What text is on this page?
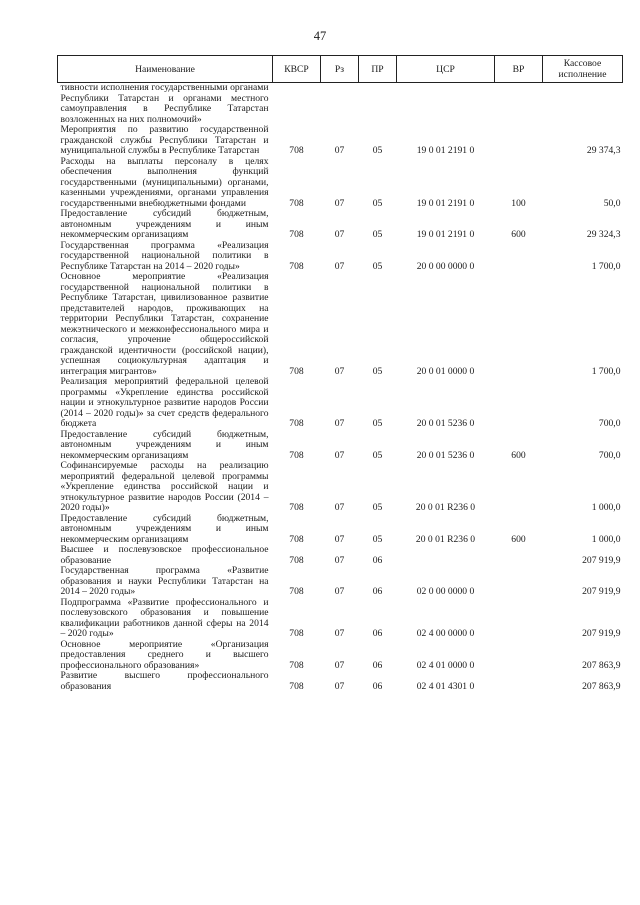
47
Наименование	КВСР	Рз	ПР	ЦСР	ВР	Кассовое исполнение
тивности исполнения государственными органами Республики Татарстан и органами местного самоуправления в Республике Татарстан возложенных на них полномочий»						
Мероприятия по развитию государственной гражданской службы Республики Татарстан и муниципальной службы в Республике Татарстан	708	07	05	19 0 01 2191 0		29 374,3
Расходы на выплаты персоналу в целях обеспечения выполнения функций государственными (муниципальными) органами, казенными учреждениями, органами управления государственными внебюджетными фондами	708	07	05	19 0 01 2191 0	100	50,0
Предоставление субсидий бюджетным, автономным учреждениям и иным некоммерческим организациям	708	07	05	19 0 01 2191 0	600	29 324,3
Государственная программа «Реализация государственной национальной политики в Республике Татарстан на 2014 – 2020 годы»	708	07	05	20 0 00 0000 0		1 700,0
Основное мероприятие «Реализация государственной национальной политики в Республике Татарстан, цивилизованное развитие представителей народов, проживающих на территории Республики Татарстан, сохранение межэтнического и межконфессионального мира и согласия, упрочение общероссийской гражданской идентичности (российской нации), успешная социокультурная адаптация и интеграция мигрантов»	708	07	05	20 0 01 0000 0		1 700,0
Реализация мероприятий федеральной целевой программы «Укрепление единства российской нации и этнокультурное развитие народов России (2014 – 2020 годы)» за счет средств федерального бюджета	708	07	05	20 0 01 5236 0		700,0
Предоставление субсидий бюджетным, автономным учреждениям и иным некоммерческим организациям	708	07	05	20 0 01 5236 0	600	700,0
Софинансируемые расходы на реализацию мероприятий федеральной целевой программы «Укрепление единства российской нации и этнокультурное развитие народов России (2014 – 2020 годы)»	708	07	05	20 0 01 R236 0		1 000,0
Предоставление субсидий бюджетным, автономным учреждениям и иным некоммерческим организациям	708	07	05	20 0 01 R236 0	600	1 000,0
Высшее и послевузовское профессиональное образование	708	07	06			207 919,9
Государственная программа «Развитие образования и науки Республики Татарстан на 2014 – 2020 годы»	708	07	06	02 0 00 0000 0		207 919,9
Подпрограмма «Развитие профессионального и послевузовского образования и повышение квалификации работников данной сферы на 2014 – 2020 годы»	708	07	06	02 4 00 0000 0		207 919,9
Основное мероприятие «Организация предоставления среднего и высшего профессионального образования»	708	07	06	02 4 01 0000 0		207 863,9
Развитие высшего профессионального образования	708	07	06	02 4 01 4301 0		207 863,9
